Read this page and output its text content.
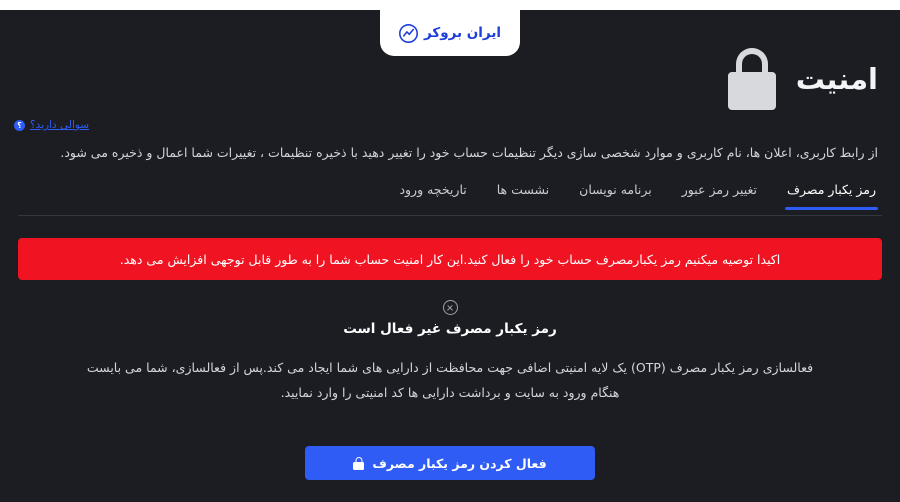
ایران بروکر
امنیت
سوالی دارید؟
؟
از رابط کاربری، اعلان ها، نام کاربری و موارد شخصی سازی دیگر تنظیمات حساب خود را تغییر دهید با ذخیره تنظیمات ، تغییرات شما اعمال و ذخیره می شود.
رمز یکبار مصرف
تغییر رمز عبور
برنامه نویسان
نشست ها
تاریخچه ورود
اکیدا توصیه میکنیم رمز یکبارمصرف حساب خود را فعال کنید.این کار امنیت حساب شما را به طور قابل توجهی افزایش می دهد.
رمز یکبار مصرف غیر فعال است
فعالسازی رمز یکبار مصرف (OTP) یک لایه امنیتی اضافی جهت محافظت از دارایی های شما ایجاد می کند.پس از فعالسازی، شما می بایست هنگام ورود به سایت و برداشت دارایی ها کد امنیتی را وارد نمایید.
فعال کردن رمز یکبار مصرف
